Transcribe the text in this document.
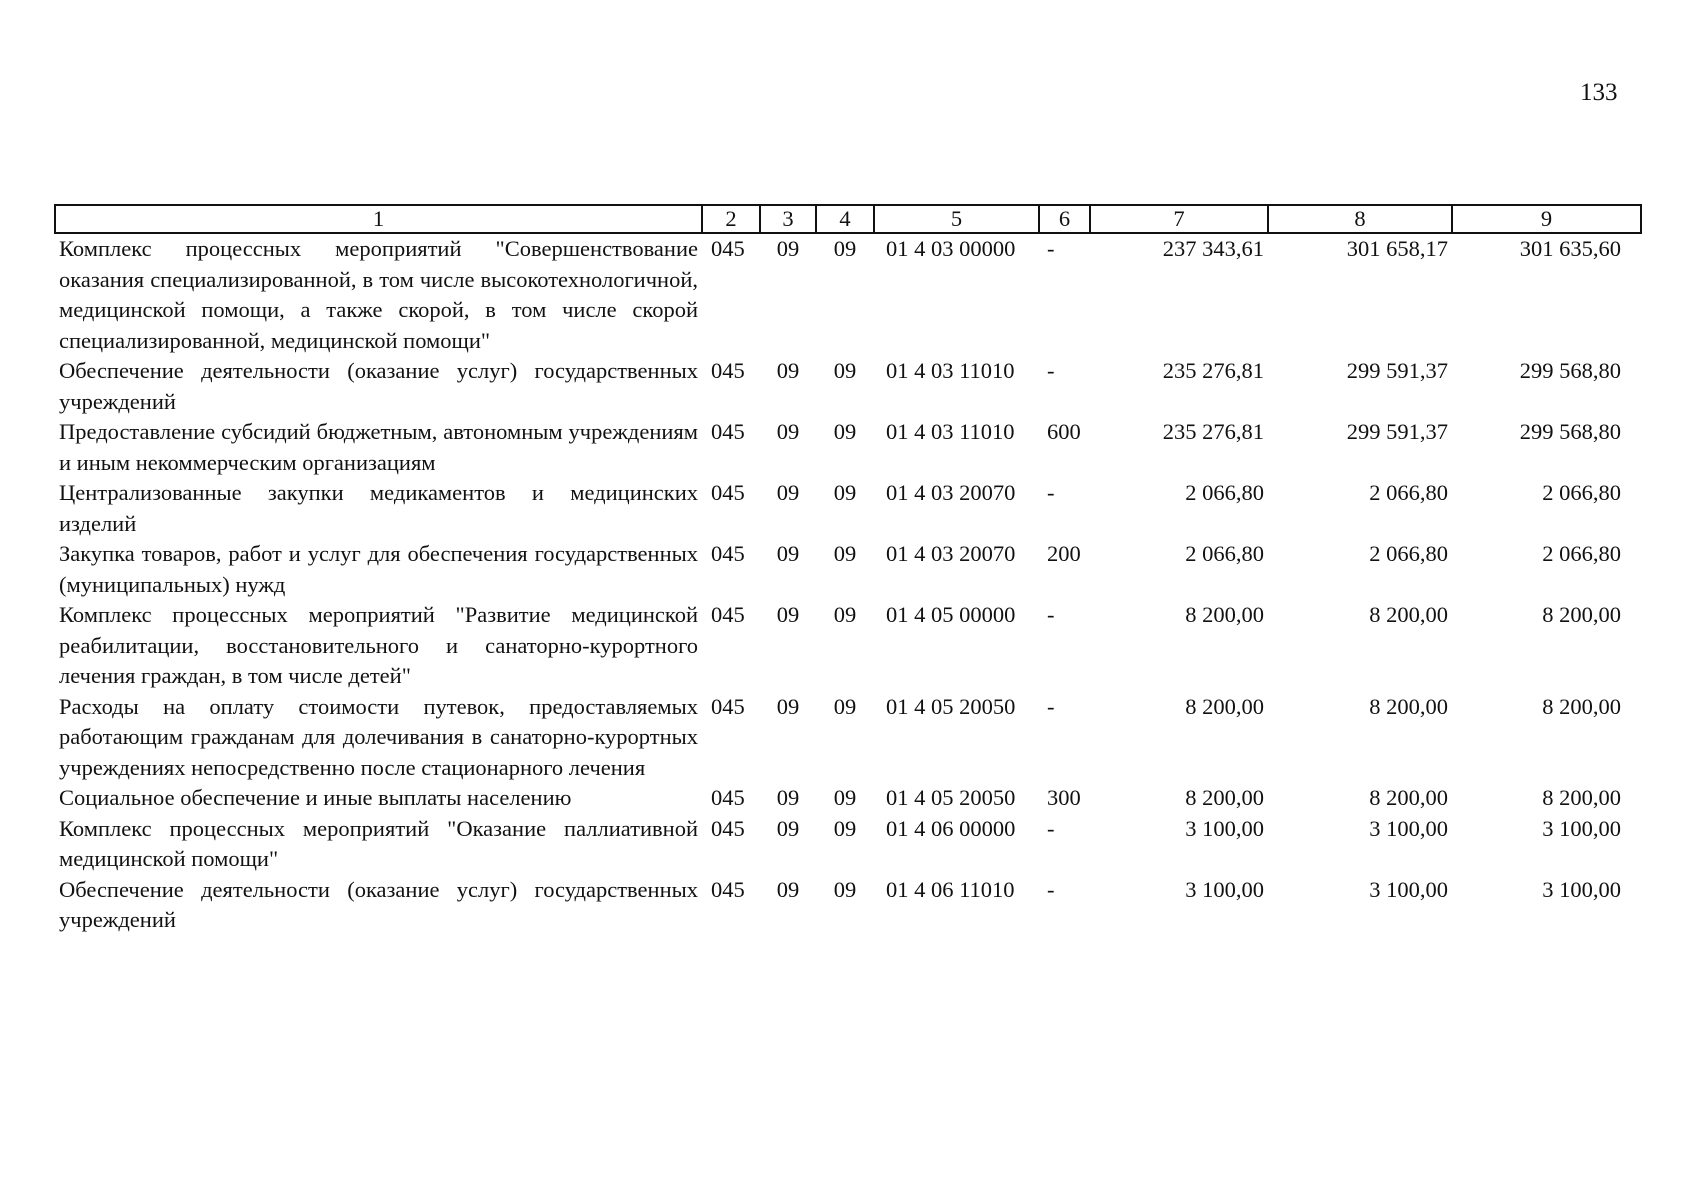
133
1	2	3	4	5	6	7	8	9
Комплекс процессных мероприятий "Совершенствование оказания специализированной, в том числе высокотехнологичной, медицинской помощи, а также скорой, в том числе скорой специализированной, медицинской помощи"	045	09	09	01 4 03 00000	-	237 343,61	301 658,17	301 635,60
Обеспечение деятельности (оказание услуг) государственных учреждений	045	09	09	01 4 03 11010	-	235 276,81	299 591,37	299 568,80
Предоставление субсидий бюджетным, автономным учреждениям и иным некоммерческим организациям	045	09	09	01 4 03 11010	600	235 276,81	299 591,37	299 568,80
Централизованные закупки медикаментов и медицинских изделий	045	09	09	01 4 03 20070	-	2 066,80	2 066,80	2 066,80
Закупка товаров, работ и услуг для обеспечения государственных (муниципальных) нужд	045	09	09	01 4 03 20070	200	2 066,80	2 066,80	2 066,80
Комплекс процессных мероприятий "Развитие медицинской реабилитации, восстановительного и санаторно-курортного лечения граждан, в том числе детей"	045	09	09	01 4 05 00000	-	8 200,00	8 200,00	8 200,00
Расходы на оплату стоимости путевок, предоставляемых работающим гражданам для долечивания в санаторно-курортных учреждениях непосредственно после стационарного лечения	045	09	09	01 4 05 20050	-	8 200,00	8 200,00	8 200,00
Социальное обеспечение и иные выплаты населению	045	09	09	01 4 05 20050	300	8 200,00	8 200,00	8 200,00
Комплекс процессных мероприятий "Оказание паллиативной медицинской помощи"	045	09	09	01 4 06 00000	-	3 100,00	3 100,00	3 100,00
Обеспечение деятельности (оказание услуг) государственных учреждений	045	09	09	01 4 06 11010	-	3 100,00	3 100,00	3 100,00
